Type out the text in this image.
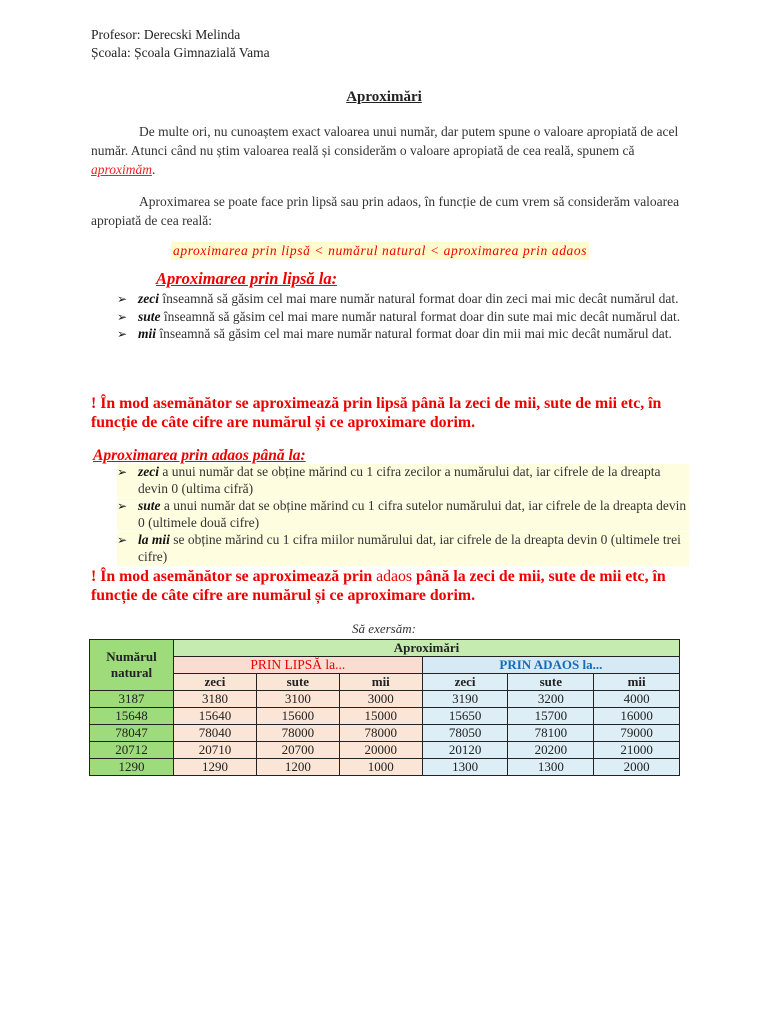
Profesor: Derecski Melinda
Școala: Școala Gimnazială Vama
Aproximări
De multe ori, nu cunoaștem exact valoarea unui număr, dar putem spune o valoare apropiată de acel număr. Atunci când nu știm valoarea reală și considerăm o valoare apropiată de cea reală, spunem că aproximăm.
Aproximarea se poate face prin lipsă sau prin adaos, în funcție de cum vrem să considerăm valoarea apropiată de cea reală:
aproximarea prin lipsă < numărul natural < aproximarea prin adaos
Aproximarea prin lipsă la:
➢ zeci înseamnă să găsim cel mai mare număr natural format doar din zeci mai mic decât numărul dat.
➢ sute înseamnă să găsim cel mai mare număr natural format doar din sute mai mic decât numărul dat.
➢ mii înseamnă să găsim cel mai mare număr natural format doar din mii mai mic decât numărul dat.
! În mod asemănător se aproximează prin lipsă până la zeci de mii, sute de mii etc, în funcție de câte cifre are numărul și ce aproximare dorim.
Aproximarea prin adaos până la:
➢ zeci a unui număr dat se obține mărind cu 1 cifra zecilor a numărului dat, iar cifrele de la dreapta devin 0 (ultima cifră)
➢ sute a unui număr dat se obține mărind cu 1 cifra sutelor numărului dat, iar cifrele de la dreapta devin 0 (ultimele două cifre)
➢ la mii se obține mărind cu 1 cifra miilor numărului dat, iar cifrele de la dreapta devin 0 (ultimele trei cifre)
! În mod asemănător se aproximează prin adaos până la zeci de mii, sute de mii etc, în funcție de câte cifre are numărul și ce aproximare dorim.
Să exersăm:
Numărul natural	Aproximări					
	PRIN LIPSĂ la...			PRIN ADAOS la...		
	zeci	sute	mii	zeci	sute	mii
3187	3180	3100	3000	3190	3200	4000
15648	15640	15600	15000	15650	15700	16000
78047	78040	78000	78000	78050	78100	79000
20712	20710	20700	20000	20120	20200	21000
1290	1290	1200	1000	1300	1300	2000
